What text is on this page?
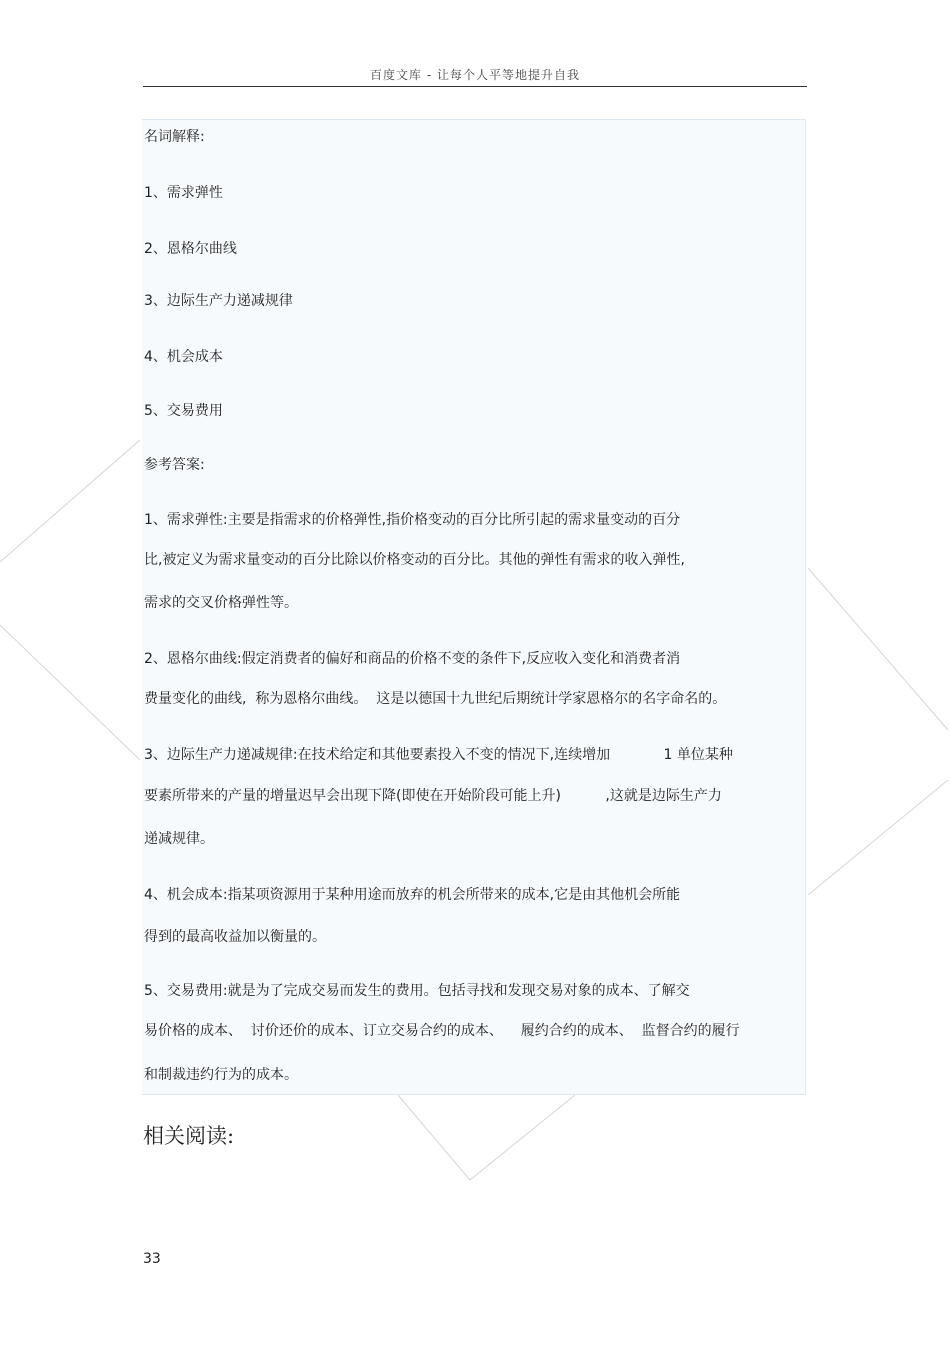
百度文库 - 让每个人平等地提升自我
名词解释:
1、需求弹性
2、恩格尔曲线
3、边际生产力递减规律
4、机会成本
5、交易费用
参考答案:
1、需求弹性:主要是指需求的价格弹性,指价格变动的百分比所引起的需求量变动的百分
比,被定义为需求量变动的百分比除以价格变动的百分比。其他的弹性有需求的收入弹性,
需求的交叉价格弹性等。
2、恩格尔曲线:假定消费者的偏好和商品的价格不变的条件下,反应收入变化和消费者消
费量变化的曲线,  称为恩格尔曲线。  这是以德国十九世纪后期统计学家恩格尔的名字命名的。
3、边际生产力递减规律:在技术给定和其他要素投入不变的情况下,连续增加            1 单位某种
要素所带来的产量的增量迟早会出现下降(即使在开始阶段可能上升)          ,这就是边际生产力
递减规律。
4、机会成本:指某项资源用于某种用途而放弃的机会所带来的成本,它是由其他机会所能
得到的最高收益加以衡量的。
5、交易费用:就是为了完成交易而发生的费用。包括寻找和发现交易对象的成本、了解交
易价格的成本、  讨价还价的成本、订立交易合约的成本、    履约合约的成本、  监督合约的履行
和制裁违约行为的成本。
相关阅读:
33
